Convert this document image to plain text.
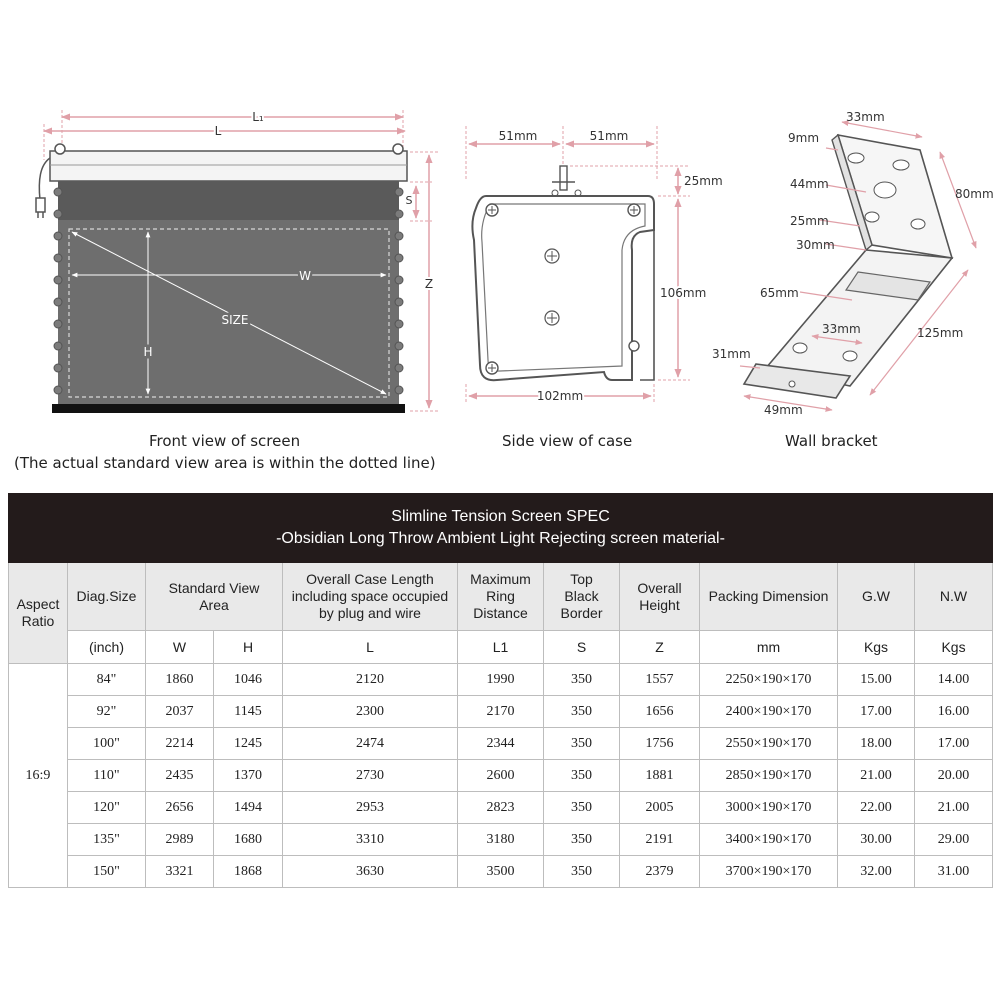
L₁
L
W
H
SIZE
S
Z
51mm	51mm
25mm
106mm
102mm
33mm
9mm
44mm
80mm
25mm
30mm
65mm
33mm	125mm
31mm
49mm
Front view of screen
(The actual standard view area is within the dotted line)
Side view of case	Wall bracket
Slimline Tension Screen SPEC
-Obsidian Long Throw Ambient Light Rejecting screen material-										

Aspect Ratio	Diag.Size	Standard View Area		Overall Case Length including space occupied by plug and wire	Maximum Ring Distance	Top Black Border	Overall Height	Packing Dimension	G.W	N.W
	(inch)	W	H	L	L1	S	Z	mm	Kgs	Kgs
16:9	84"	1860	1046	2120	1990	350	1557	2250×190×170	15.00	14.00
	92"	2037	1145	2300	2170	350	1656	2400×190×170	17.00	16.00
	100"	2214	1245	2474	2344	350	1756	2550×190×170	18.00	17.00
	110"	2435	1370	2730	2600	350	1881	2850×190×170	21.00	20.00
	120"	2656	1494	2953	2823	350	2005	3000×190×170	22.00	21.00
	135"	2989	1680	3310	3180	350	2191	3400×190×170	30.00	29.00
	150"	3321	1868	3630	3500	350	2379	3700×190×170	32.00	31.00
